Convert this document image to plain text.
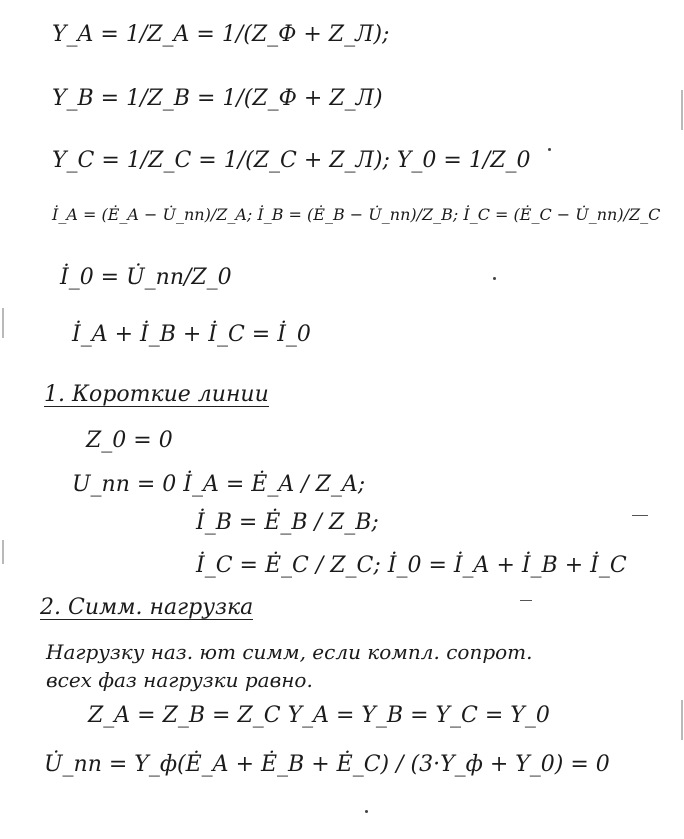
Y_A = 1/Z_A = 1/(Z_Ф + Z_Л);
Y_B = 1/Z_B = 1/(Z_Ф + Z_Л)
Y_C = 1/Z_C = 1/(Z_C + Z_Л); Y_0 = 1/Z_0
İ_A = (Ė_A − U̇_nn)/Z_A; İ_B = (Ė_B − U̇_nn)/Z_B; İ_C = (Ė_C − U̇_nn)/Z_C
İ_0 = U̇_nn/Z_0
İ_A + İ_B + İ_C = İ_0
1. Короткие линии
Z_0 = 0
U_nn = 0 İ_A = Ė_A / Z_A;
İ_B = Ė_B / Z_B;
İ_C = Ė_C / Z_C; İ_0 = İ_A + İ_B + İ_C
2. Симм. нагрузка
Нагрузку наз. ют симм, если компл. сопрот.
всех фаз нагрузки равно.
Z_A = Z_B = Z_C Y_A = Y_B = Y_C = Y_0
U̇_nn = Y_ф(Ė_A + Ė_B + Ė_C) / (3·Y_ф + Y_0) = 0
